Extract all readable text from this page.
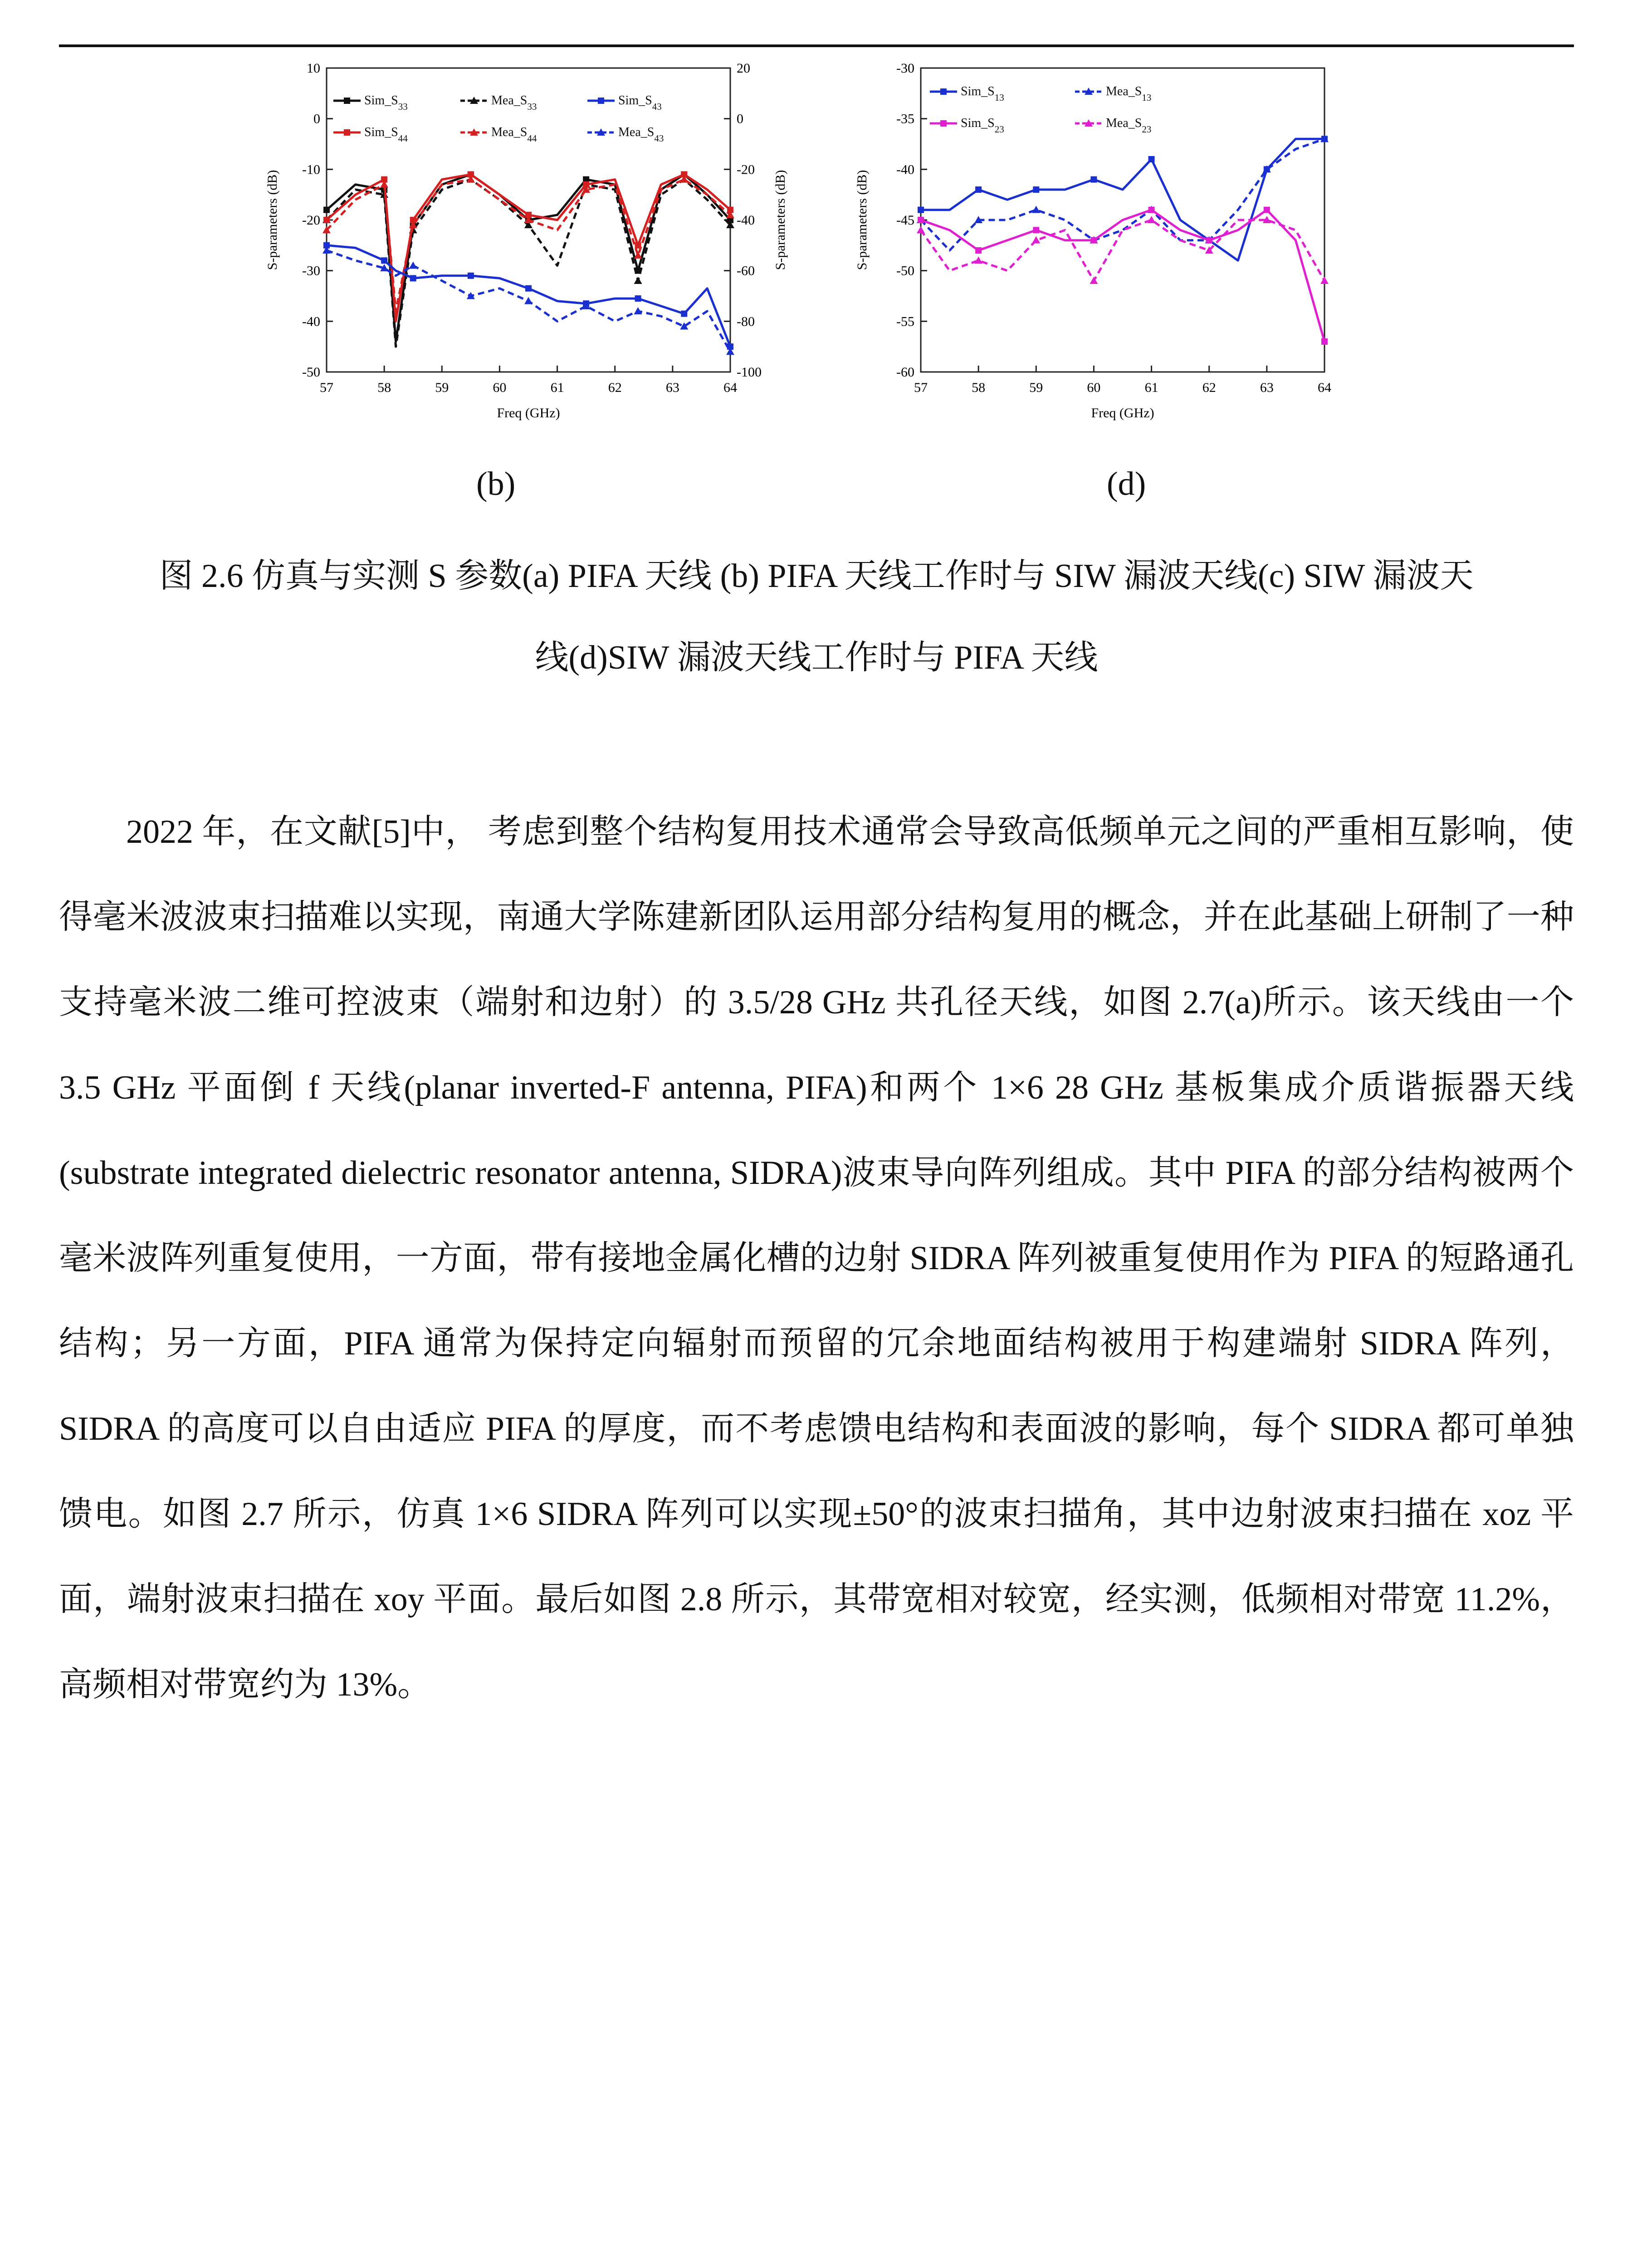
57	58	59	60	61	62	63	64
10
0
-10
-20
-30
-40
-50
20
0
-20
-40
-60
-80
-100
Freq (GHz)
S-parameters (dB)	S-parameters (dB)
$Sim\_S_{33}$	$Mea\_S_{33}$	$Sim\_S_{43}$
$Sim\_S_{44}$	$Mea\_S_{44}$	$Mea\_S_{43}$
57	58	59	60	61	62	63	64
-30
-35
-40
-45
-50
-55
-60
Freq (GHz)
S-parameters (dB)
$Sim\_S_{13}$	$Mea\_S_{13}$
$Sim\_S_{23}$	$Mea\_S_{23}$
(b)	(d)
图 2.6 仿真与实测 S 参数(a) PIFA 天线 (b) PIFA 天线工作时与 SIW 漏波天线(c) SIW 漏波天
线(d)SIW 漏波天线工作时与 PIFA 天线

2022 年，在文献[5]中， 考虑到整个结构复用技术通常会导致高低频单元之间的严重相互影响，使得毫米波波束扫描难以实现，南通大学陈建新团队运用部分结构复用的概念，并在此基础上研制了一种支持毫米波二维可控波束（端射和边射）的 3.5/28 GHz 共孔径天线，如图 2.7(a)所示。该天线由一个 3.5 GHz 平面倒 f 天线(planar inverted-F antenna, PIFA)和两个 1×6 28 GHz 基板集成介质谐振器天线 (substrate integrated dielectric resonator antenna, SIDRA)波束导向阵列组成。其中 PIFA 的部分结构被两个毫米波阵列重复使用，一方面，带有接地金属化槽的边射 SIDRA 阵列被重复使用作为 PIFA 的短路通孔结构；另一方面，PIFA 通常为保持定向辐射而预留的冗余地面结构被用于构建端射 SIDRA 阵列，SIDRA 的高度可以自由适应 PIFA 的厚度，而不考虑馈电结构和表面波的影响，每个 SIDRA 都可单独馈电。如图 2.7 所示，仿真 1×6 SIDRA 阵列可以实现±50°的波束扫描角，其中边射波束扫描在 xoz 平面，端射波束扫描在 xoy 平面。最后如图 2.8 所示，其带宽相对较宽，经实测，低频相对带宽 11.2%，高频相对带宽约为 13%。
